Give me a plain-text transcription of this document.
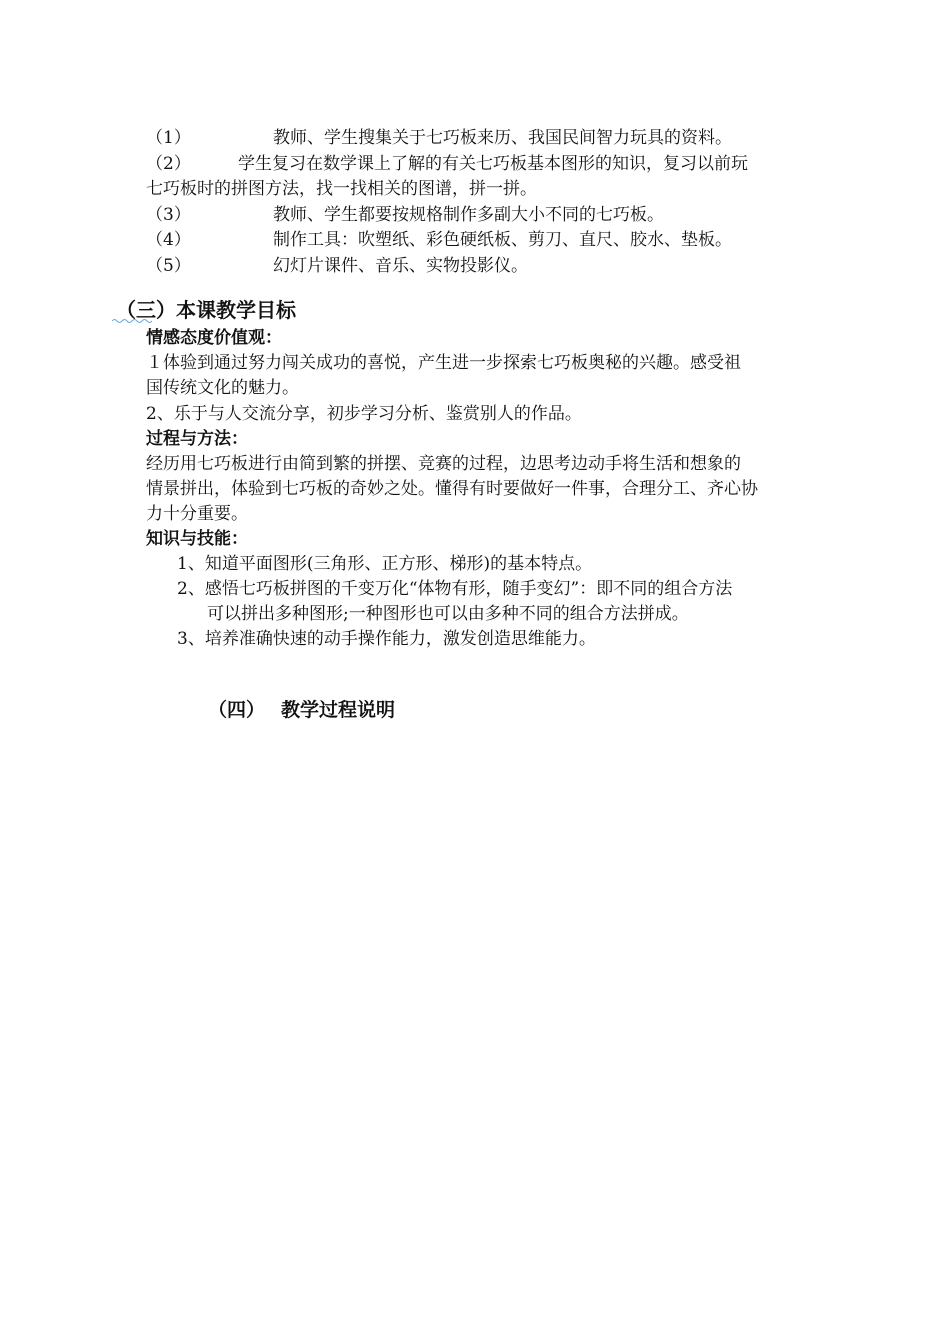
（1）	教师、学生搜集关于七巧板来历、我国民间智力玩具的资料。
（2）	学生复习在数学课上了解的有关七巧板基本图形的知识，复习以前玩
七巧板时的拼图方法，找一找相关的图谱，拼一拼。
（3）	教师、学生都要按规格制作多副大小不同的七巧板。
（4）	制作工具：吹塑纸、彩色硬纸板、剪刀、直尺、胶水、垫板。
（5）	幻灯片课件、音乐、实物投影仪。
（三）本课教学目标
情感态度价值观：
１体验到通过努力闯关成功的喜悦，产生进一步探索七巧板奥秘的兴趣。感受祖
国传统文化的魅力。
2、乐于与人交流分享，初步学习分析、鉴赏别人的作品。
过程与方法：
经历用七巧板进行由简到繁的拼摆、竞赛的过程，边思考边动手将生活和想象的
情景拼出，体验到七巧板的奇妙之处。懂得有时要做好一件事，合理分工、齐心协
力十分重要。
知识与技能：
1、知道平面图形(三角形、正方形、梯形)的基本特点。
2、感悟七巧板拼图的千变万化“体物有形，随手变幻”：即不同的组合方法
可以拼出多种图形;一种图形也可以由多种不同的组合方法拼成。
3、培养准确快速的动手操作能力，激发创造思维能力。
（四） 教学过程说明
